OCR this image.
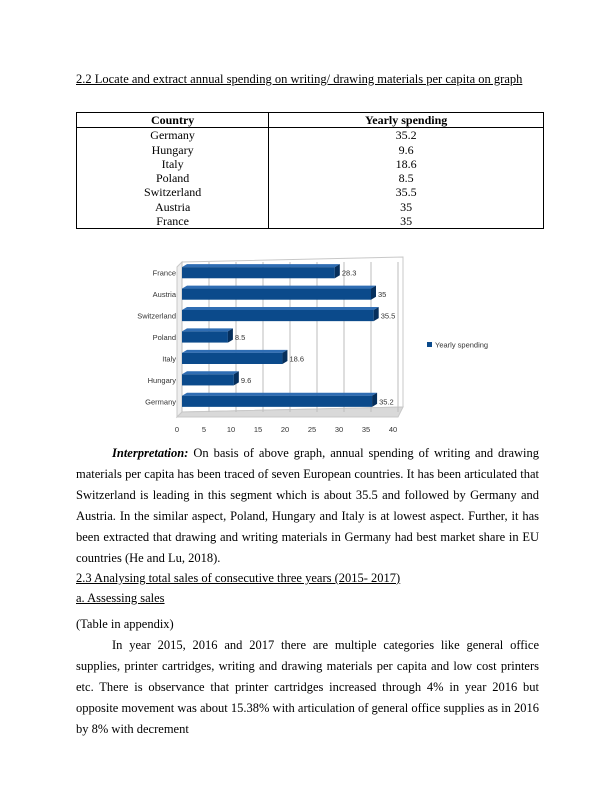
2.2 Locate and extract annual spending on writing/ drawing materials per capita on graph
Country	Yearly spending
Germany	35.2
Hungary	9.6
Italy	18.6
Poland	8.5
Switzerland	35.5
Austria	35
France	35
0	5	10 15 20 25 30 35 40
Germany	35.2
Hungary	9.6
Italy	18.6
Poland	8.5
Switzerland	35.5
Austria	35
France	28.3
Yearly spending

Interpretation: On basis of above graph, annual spending of writing and drawing materials per capita has been traced of seven European countries. It has been articulated that Switzerland is leading in this segment which is about 35.5 and followed by Germany and Austria. In the similar aspect, Poland, Hungary and Italy is at lowest aspect. Further, it has been extracted that drawing and writing materials in Germany had best market share in EU countries (He and Lu, 2018).

2.3 Analysing total sales of consecutive three years (2015- 2017)
a. Assessing sales
(Table in appendix)

In year 2015, 2016 and 2017 there are multiple categories like general office supplies, printer cartridges, writing and drawing materials per capita and low cost printers etc. There is observance that printer cartridges increased through 4% in year 2016 but opposite movement was about 15.38% with articulation of general office supplies as in 2016 by 8% with decrement
